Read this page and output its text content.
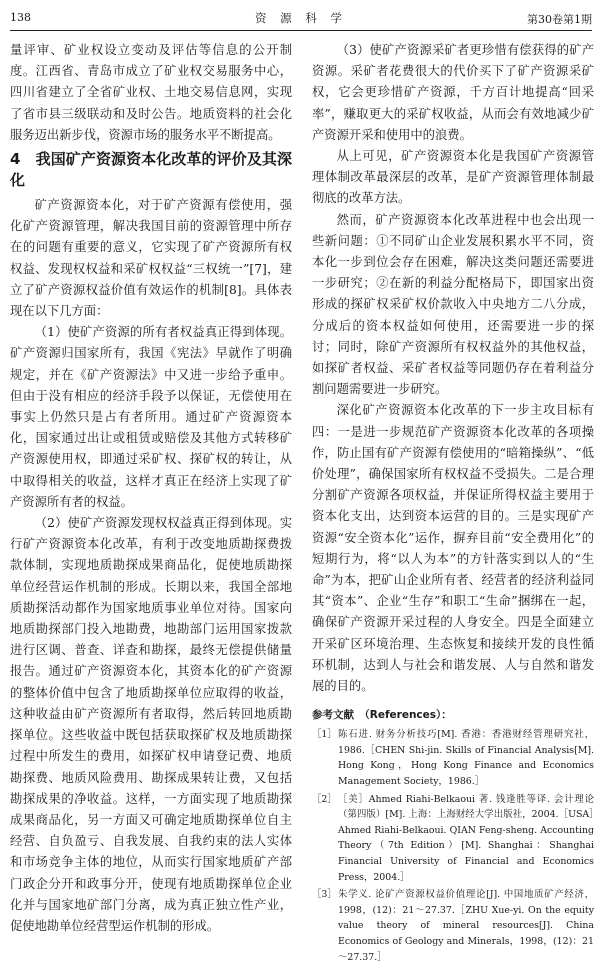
138	资 源 科 学	第30卷第1期

量评审、矿业权设立变动及评估等信息的公开制度。江西省、青岛市成立了矿业权交易服务中心，四川省建立了全省矿业权、土地交易信息网，实现了省市县三级联动和及时公告。地质资料的社会化服务迈出新步伐，资源市场的服务水平不断提高。

4　我国矿产资源资本化改革的评价及其深化

矿产资源资本化，对于矿产资源有偿使用，强化矿产资源管理，解决我国目前的资源管理中所存在的问题有重要的意义，它实现了矿产资源所有权权益、发现权权益和采矿权权益“三权统一”[7]，建立了矿产资源权益价值有效运作的机制[8]。具体表现在以下几方面：

（1）使矿产资源的所有者权益真正得到体现。矿产资源归国家所有，我国《宪法》早就作了明确规定，并在《矿产资源法》中又进一步给予重申。但由于没有相应的经济手段予以保证，无偿使用在事实上仍然只是占有者所用。通过矿产资源资本化，国家通过出让或租赁或赔偿及其他方式转移矿产资源使用权，即通过采矿权、探矿权的转让，从中取得相关的收益，这样才真正在经济上实现了矿产资源所有者的权益。

（2）使矿产资源发现权权益真正得到体现。实行矿产资源资本化改革，有利于改变地质勘探费拨款体制，实现地质勘探成果商品化，促使地质勘探单位经营运作机制的形成。长期以来，我国全部地质勘探活动都作为国家地质事业单位对待。国家向地质勘探部门投入地勘费，地勘部门运用国家拨款进行区调、普查、详查和勘探，最终无偿提供储量报告。通过矿产资源资本化，其资本化的矿产资源的整体价值中包含了地质勘探单位应取得的收益，这种收益由矿产资源所有者取得，然后转回地质勘探单位。这些收益中既包括获取探矿权及地质勘探过程中所发生的费用，如探矿权申请登记费、地质勘探费、地质风险费用、勘探成果转让费，又包括勘探成果的净收益。这样，一方面实现了地质勘探成果商品化，另一方面又可确定地质勘探单位自主经营、自负盈亏、自我发展、自我约束的法人实体和市场竞争主体的地位，从而实行国家地质矿产部门政企分开和政事分开，使现有地质勘探单位企业化并与国家地矿部门分离，成为真正独立性产业，促使地勘单位经营型运作机制的形成。

（3）使矿产资源采矿者更珍惜有偿获得的矿产资源。采矿者花费很大的代价买下了矿产资源采矿权，它会更珍惜矿产资源，千方百计地提高“回采率”，赚取更大的采矿权收益，从而会有效地减少矿产资源开采和使用中的浪费。

从上可见，矿产资源资本化是我国矿产资源管理体制改革最深层的改革，是矿产资源管理体制最彻底的改革方法。

然而，矿产资源资本化改革进程中也会出现一些新问题：①不同矿山企业发展积累水平不同，资本化一步到位会存在困难，解决这类问题还需要进一步研究；②在新的利益分配格局下，即国家出资形成的探矿权采矿权价款收入中央地方二八分成，分成后的资本权益如何使用，还需要进一步的探讨；同时，除矿产资源所有权权益外的其他权益，如探矿者权益、采矿者权益等同题仍存在着利益分割问题需要进一步研究。

深化矿产资源资本化改革的下一步主攻目标有四：一是进一步规范矿产资源资本化改革的各项操作，防止国有矿产资源有偿使用的“暗箱操纵”、“低价处理”，确保国家所有权权益不受损失。二是合理分割矿产资源各项权益，并保证所得权益主要用于资本化支出，达到资本运营的目的。三是实现矿产资源“安全资本化”运作，摒弃目前“安全费用化”的短期行为，将“以人为本”的方针落实到以人的“生命”为本，把矿山企业所有者、经营者的经济利益同其“资本”、企业“生存”和职工“生命”捆绑在一起，确保矿产资源开采过程的人身安全。四是全面建立开采矿区环境治理、生态恢复和接续开发的良性循环机制，达到人与社会和谐发展、人与自然和谐发展的目的。

参考文献　（References）：
［1］ 陈石进. 财务分析技巧[M]. 香港：香港财经管理研究社，1986.［CHEN Shi-jin. Skills of Financial Analysis[M]. Hong Kong，Hong Kong Finance and Economics Management Society，1986.］
［2］ ［美］Ahmed Riahi-Belkaoui 著. 钱逢胜等译. 会计理论（第四版）[M]. 上海：上海财经大学出版社，2004.［USA］Ahmed Riahi-Belkaoui. QIAN Feng-sheng. Accounting Theory（7th Edition）[M]. Shanghai：Shanghai Financial University of Financial and Economics Press，2004.］
［3］ 朱学义. 论矿产资源权益价值理论[J]. 中国地质矿产经济，1998，(12)：21～27.37.［ZHU Xue-yi. On the equity value theory of mineral resources[J]. China Economics of Geology and Minerals，1998，(12)：21～27.37.］
